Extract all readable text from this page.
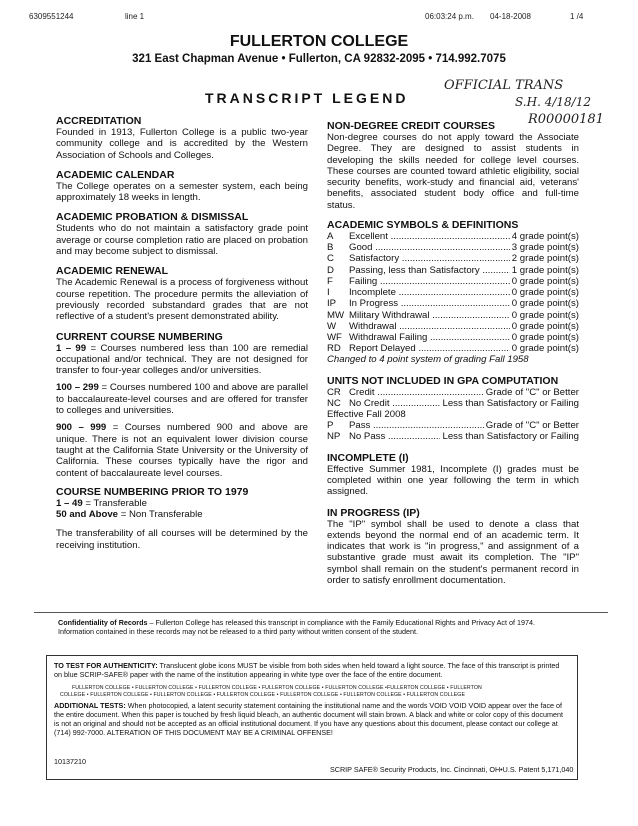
6309551244	line 1	06:03:24 p.m. 04-18-2008	1 /4
FULLERTON COLLEGE
321 East Chapman Avenue • Fullerton, CA 92832-2095 • 714.992.7075
TRANSCRIPT LEGEND
OFFICIAL TRANS
S.H. 4/18/12
R00000181
ACCREDITATION
Founded in 1913, Fullerton College is a public two-year community college and is accredited by the Western Association of Schools and Colleges.
ACADEMIC CALENDAR
The College operates on a semester system, each being approximately 18 weeks in length.
ACADEMIC PROBATION & DISMISSAL
Students who do not maintain a satisfactory grade point average or course completion ratio are placed on probation and may become subject to dismissal.
ACADEMIC RENEWAL
The Academic Renewal is a process of forgiveness without course repetition. The procedure permits the alleviation of previously recorded substandard grades that are not reflective of a student's present demonstrated ability.
CURRENT COURSE NUMBERING
1 – 99 = Courses numbered less than 100 are remedial occupational and/or technical. They are not designed for transfer to four-year colleges and/or universities.
100 – 299 = Courses numbered 100 and above are parallel to baccalaureate-level courses and are offered for transfer to colleges and universities.
900 – 999 = Courses numbered 900 and above are unique. There is not an equivalent lower division course taught at the California State University or the University of California. These courses typically have the rigor and content of baccalaureate level courses.
COURSE NUMBERING PRIOR TO 1979
1 – 49 = Transferable
50 and Above = Non Transferable
The transferability of all courses will be determined by the receiving institution.
NON-DEGREE CREDIT COURSES
Non-degree courses do not apply toward the Associate Degree. They are designed to assist students in developing the skills needed for college level courses. These courses are counted toward athletic eligibility, social security benefits, work-study and financial aid, veterans' benefits, associated student body office and full-time status.
ACADEMIC SYMBOLS & DEFINITIONS
A	Excellent .....	4 grade point(s)
B	Good .....	3 grade point(s)
C	Satisfactory .....	2 grade point(s)
D	Passing, less than Satisfactory .....	1 grade point(s)
F	Failing .....	0 grade point(s)
I	Incomplete .....	0 grade point(s)
IP	In Progress .....	0 grade point(s)
MW Military Withdrawal .....	0 grade point(s)
W	Withdrawal .....	0 grade point(s)
WF Withdrawal Failing .....	0 grade point(s)
RD Report Delayed .....	0 grade point(s)
Changed to 4 point system of grading Fall 1958
UNITS NOT INCLUDED IN GPA COMPUTATION
CR Credit .....	Grade of "C" or Better
NC No Credit .....	Less than Satisfactory or Failing
Effective Fall 2008
P	Pass .....	Grade of "C" or Better
NP No Pass .....	Less than Satisfactory or Failing
INCOMPLETE (I)
Effective Summer 1981, Incomplete (I) grades must be completed within one year following the term in which assigned.
IN PROGRESS (IP)
The "IP" symbol shall be used to denote a class that extends beyond the normal end of an academic term. It indicates that work is "in progress," and assignment of a substantive grade must await its completion. The "IP" symbol shall remain on the student's permanent record in order to satisfy enrollment documentation.
Confidentiality of Records – Fullerton College has released this transcript in compliance with the Family Educational Rights and Privacy Act of 1974. Information contained in these records may not be released to a third party without written consent of the student.
TO TEST FOR AUTHENTICITY: Translucent globe icons MUST be visible from both sides when held toward a light source. The face of this transcript is printed on blue SCRIP-SAFE® paper with the name of the institution appearing in white type over the face of the entire document.
FULLERTON COLLEGE • FULLERTON COLLEGE • FULLERTON COLLEGE • FULLERTON COLLEGE • FULLERTON COLLEGE •FULLERTON COLLEGE • FULLERTON
COLLEGE • FULLERTON COLLEGE • FULLERTON COLLEGE • FULLERTON COLLEGE • FULLERTON COLLEGE • FULLERTON COLLEGE • FULLERTON COLLEGE
ADDITIONAL TESTS: When photocopied, a latent security statement containing the institutional name and the words VOID VOID VOID appear over the face of the entire document. When this paper is touched by fresh liquid bleach, an authentic document will stain brown. A black and white or color copy of this document is not an original and should not be accepted as an official institutional document. If you have any questions about this document, please contact our college at (714) 992-7000. ALTERATION OF THIS DOCUMENT MAY BE A CRIMINAL OFFENSE!
10137210
SCRIP SAFE® Security Products, Inc. Cincinnati, OH•U.S. Patent 5,171,040
